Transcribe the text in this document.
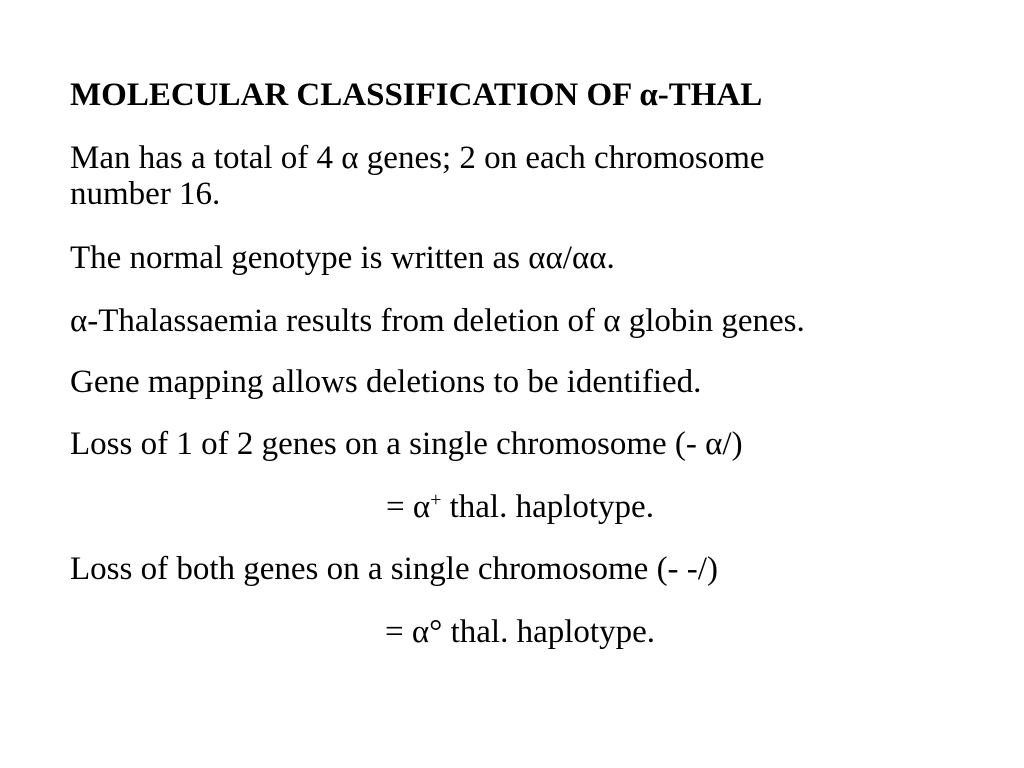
MOLECULAR CLASSIFICATION OF α-THAL
Man has a total of 4 α genes; 2 on each chromosome
number 16.
The normal genotype is written as αα/αα.
α-Thalassaemia results from deletion of α globin genes.
Gene mapping allows deletions to be identified.
Loss of 1 of 2 genes on a single chromosome (- α/)
= α+ thal. haplotype.
Loss of both genes on a single chromosome (- -/)
= α° thal. haplotype.
